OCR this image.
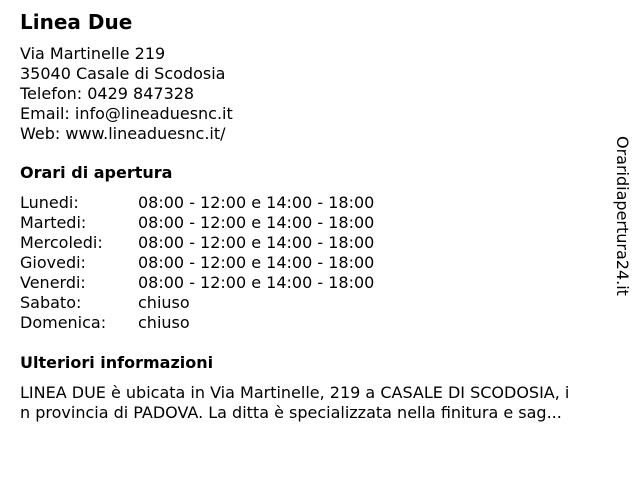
Linea Due
Via Martinelle 219
35040 Casale di Scodosia
Telefon: 0429 847328
Email: info@lineaduesnc.it
Web: www.lineaduesnc.it/
Orari di apertura
Lunedi:	08:00 - 12:00 e 14:00 - 18:00
Martedi:	08:00 - 12:00 e 14:00 - 18:00
Mercoledi: 08:00 - 12:00 e 14:00 - 18:00
Giovedi:	08:00 - 12:00 e 14:00 - 18:00
Venerdi:	08:00 - 12:00 e 14:00 - 18:00
Sabato:	chiuso
Domenica: chiuso
Ulteriori informazioni
LINEA DUE è ubicata in Via Martinelle, 219 a CASALE DI SCODOSIA, i
n provincia di PADOVA. La ditta è specializzata nella finitura e sag...
Oraridiapertura24.it
